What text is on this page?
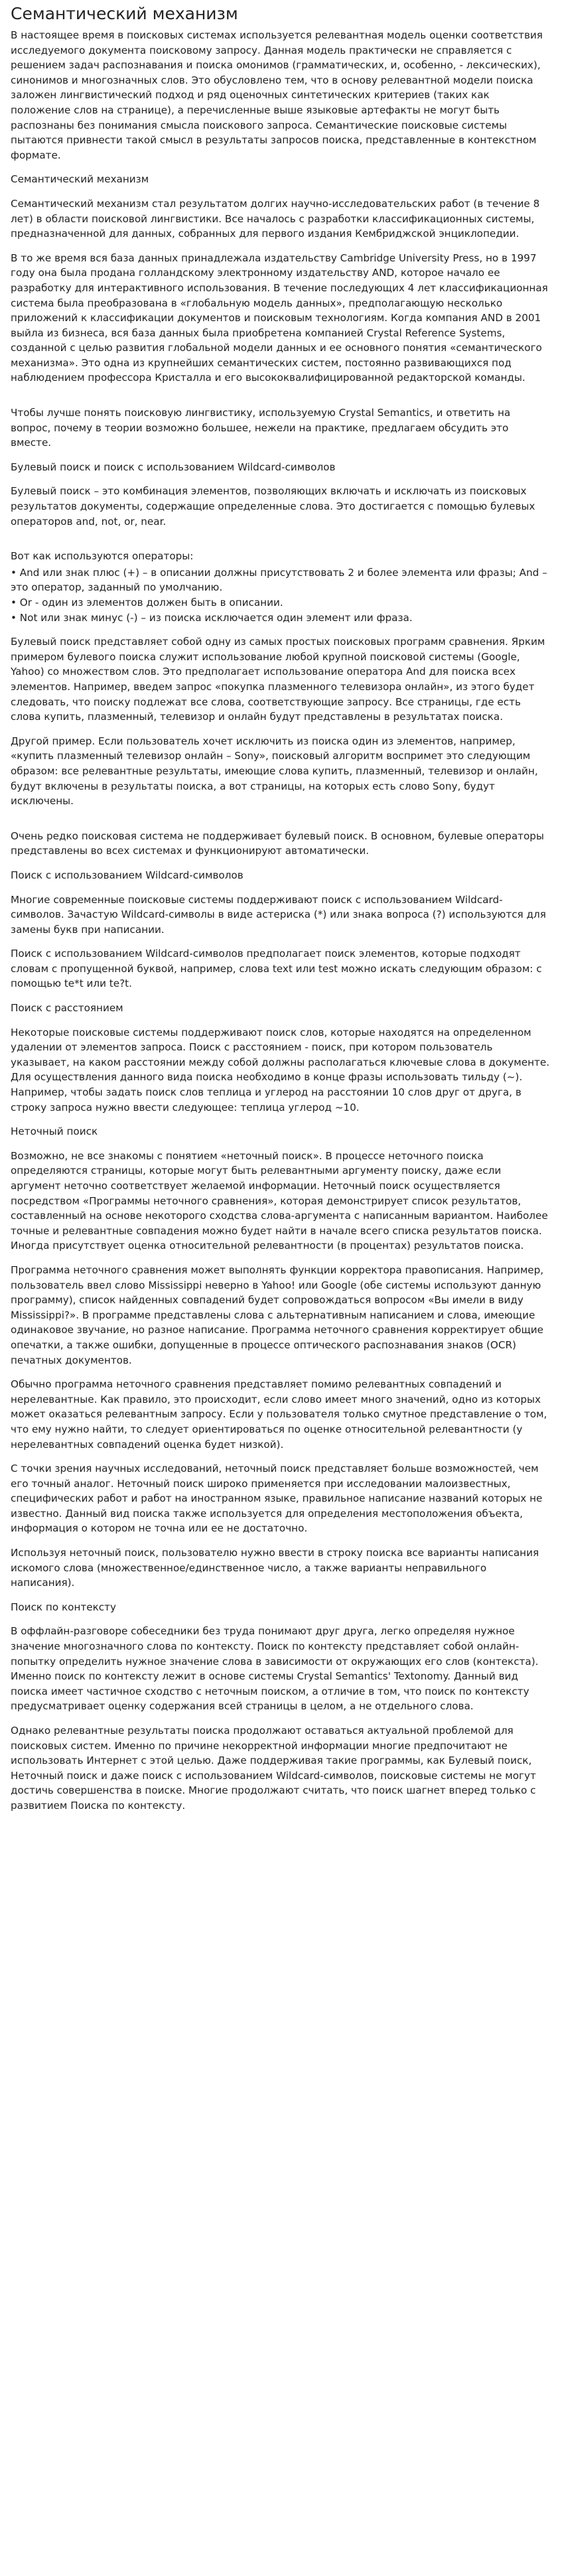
Семантический механизм

В настоящее время в поисковых системах используется релевантная модель оценки соответствия исследуемого документа поисковому запросу. Данная модель практически не справляется с решением задач распознавания и поиска омонимов (грамматических, и, особенно, - лексических), синонимов и многозначных слов. Это обусловлено тем, что в основу релевантной модели поиска заложен лингвистический подход и ряд оценочных синтетических критериев (таких как положение слов на странице), а перечисленные выше языковые артефакты не могут быть распознаны без понимания смысла поискового запроса. Семантические поисковые системы пытаются привнести такой смысл в результаты запросов поиска, представленные в контекстном формате.

Семантический механизм

Семантический механизм стал результатом долгих научно-исследовательских работ (в течение 8 лет) в области поисковой лингвистики. Все началось с разработки классификационных системы, предназначенной для данных, собранных для первого издания Кембриджской энциклопедии.

В то же время вся база данных принадлежала издательству Cambridge University Press, но в 1997 году она была продана голландскому электронному издательству AND, которое начало ее разработку для интерактивного использования. В течение последующих 4 лет классификационная система была преобразована в «глобальную модель данных», предполагающую несколько приложений к классификации документов и поисковым технологиям. Когда компания AND в 2001 выйла из бизнеса, вся база данных была приобретена компанией Crystal Reference Systems, созданной с целью развития глобальной модели данных и ее основного понятия «семантического механизма». Это одна из крупнейших семантических систем, постоянно развивающихся под наблюдением профессора Кристалла и его высококвалифицированной редакторской команды.

Чтобы лучше понять поисковую лингвистику, используемую Crystal Semantics, и ответить на вопрос, почему в теории возможно большее, нежели на практике, предлагаем обсудить это вместе.

Булевый поиск и поиск с использованием Wildcard-символов

Булевый поиск – это комбинация элементов, позволяющих включать и исключать из поисковых результатов документы, содержащие определенные слова. Это достигается с помощью булевых операторов and, not, or, near.

Вот как используются операторы:

• And или знак плюс (+) – в описании должны присутствовать 2 и более элемента или фразы; And – это оператор, заданный по умолчанию.
• Or - один из элементов должен быть в описании.
• Not или знак минус (-) – из поиска исключается один элемент или фраза.

Булевый поиск представляет собой одну из самых простых поисковых программ сравнения. Ярким примером булевого поиска служит использование любой крупной поисковой системы (Google, Yahoo) со множеством слов. Это предполагает использование оператора And для поиска всех элементов. Например, введем запрос «покупка плазменного телевизора онлайн», из этого будет следовать, что поиску подлежат все слова, соответствующие запросу. Все страницы, где есть слова купить, плазменный, телевизор и онлайн будут представлены в результатах поиска.

Другой пример. Если пользователь хочет исключить из поиска один из элементов, например, «купить плазменный телевизор онлайн – Sony», поисковый алгоритм воспримет это следующим образом: все релевантные результаты, имеющие слова купить, плазменный, телевизор и онлайн, будут включены в результаты поиска, а вот страницы, на которых есть слово Sony, будут исключены.

Очень редко поисковая система не поддерживает булевый поиск. В основном, булевые операторы представлены во всех системах и функционируют автоматически.

Поиск с использованием Wildcard-символов

Многие современные поисковые системы поддерживают поиск с использованием Wildcard-символов. Зачастую Wildcard-символы в виде астериска (*) или знака вопроса (?) используются для замены букв при написании.

Поиск с использованием Wildcard-символов предполагает поиск элементов, которые подходят словам с пропущенной буквой, например, слова text или test можно искать следующим образом: с помощью te*t или te?t.

Поиск с расстоянием

Некоторые поисковые системы поддерживают поиск слов, которые находятся на определенном удалении от элементов запроса. Поиск с расстоянием - поиск, при котором пользователь указывает, на каком расстоянии между собой должны располагаться ключевые слова в документе. Для осуществления данного вида поиска необходимо в конце фразы использовать тильду (~). Например, чтобы задать поиск слов теплица и углерод на расстоянии 10 слов друг от друга, в строку запроса нужно ввести следующее: теплица углерод ~10.

Неточный поиск

Возможно, не все знакомы с понятием «неточный поиск». В процессе неточного поиска определяются страницы, которые могут быть релевантными аргументу поиску, даже если аргумент неточно соответствует желаемой информации. Неточный поиск осуществляется посредством «Программы неточного сравнения», которая демонстрирует список результатов, составленный на основе некоторого сходства слова-аргумента с написанным вариантом. Наиболее точные и релевантные совпадения можно будет найти в начале всего списка результатов поиска. Иногда присутствует оценка относительной релевантности (в процентах) результатов поиска.

Программа неточного сравнения может выполнять функции корректора правописания. Например, пользователь ввел слово Mississippi неверно в Yahoo! или Google (обе системы используют данную программу), список найденных совпадений будет сопровождаться вопросом «Вы имели в виду Mississippi?». В программе представлены слова с альтернативным написанием и слова, имеющие одинаковое звучание, но разное написание. Программа неточного сравнения корректирует общие опечатки, а также ошибки, допущенные в процессе оптического распознавания знаков (OCR) печатных документов.

Обычно программа неточного сравнения представляет помимо релевантных совпадений и нерелевантные. Как правило, это происходит, если слово имеет много значений, одно из которых может оказаться релевантным запросу. Если у пользователя только смутное представление о том, что ему нужно найти, то следует ориентироваться по оценке относительной релевантности (у нерелевантных совпадений оценка будет низкой).

С точки зрения научных исследований, неточный поиск представляет больше возможностей, чем его точный аналог. Неточный поиск широко применяется при исследовании малоизвестных, специфических работ и работ на иностранном языке, правильное написание названий которых не известно. Данный вид поиска также используется для определения местоположения объекта, информация о котором не точна или ее не достаточно.

Используя неточный поиск, пользователю нужно ввести в строку поиска все варианты написания искомого слова (множественное/единственное число, а также варианты неправильного написания).

Поиск по контексту

В оффлайн-разговоре собеседники без труда понимают друг друга, легко определяя нужное значение многозначного слова по контексту. Поиск по контексту представляет собой онлайн-попытку определить нужное значение слова в зависимости от окружающих его слов (контекста). Именно поиск по контексту лежит в основе системы Crystal Semantics' Textonomy. Данный вид поиска имеет частичное сходство с неточным поиском, а отличие в том, что поиск по контексту предусматривает оценку содержания всей страницы в целом, а не отдельного слова.

Однако релевантные результаты поиска продолжают оставаться актуальной проблемой для поисковых систем. Именно по причине некорректной информации многие предпочитают не использовать Интернет с этой целью. Даже поддерживая такие программы, как Булевый поиск, Неточный поиск и даже поиск с использованием Wildcard-символов, поисковые системы не могут достичь совершенства в поиске. Многие продолжают считать, что поиск шагнет вперед только с развитием Поиска по контексту.
